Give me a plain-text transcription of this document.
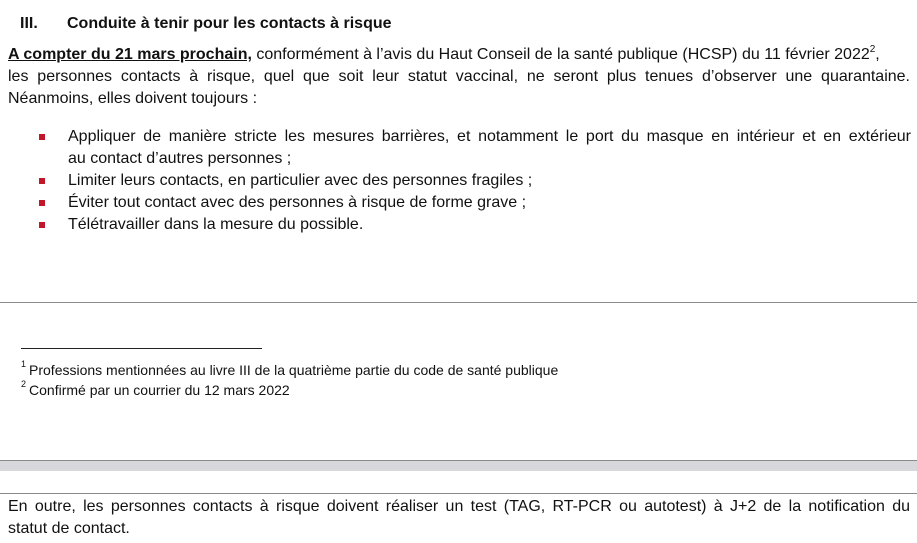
III. Conduite à tenir pour les contacts à risque
A compter du 21 mars prochain, conformément à l’avis du Haut Conseil de la santé publique (HCSP) du 11 février 2022$^2$,
les personnes contacts à risque, quel que soit leur statut vaccinal, ne seront plus tenues d’observer une quarantaine.
Néanmoins, elles doivent toujours :
Appliquer de manière stricte les mesures barrières, et notamment le port du masque en intérieur et en extérieur
au contact d’autres personnes ;
Limiter leurs contacts, en particulier avec des personnes fragiles ;
Éviter tout contact avec des personnes à risque de forme grave ;
Télétravailler dans la mesure du possible.
$^1$ Professions mentionnées au livre III de la quatrième partie du code de santé publique
$^2$ Confirmé par un courrier du 12 mars 2022
En outre, les personnes contacts à risque doivent réaliser un test (TAG, RT-PCR ou autotest) à J+2 de la notification du
statut de contact.
